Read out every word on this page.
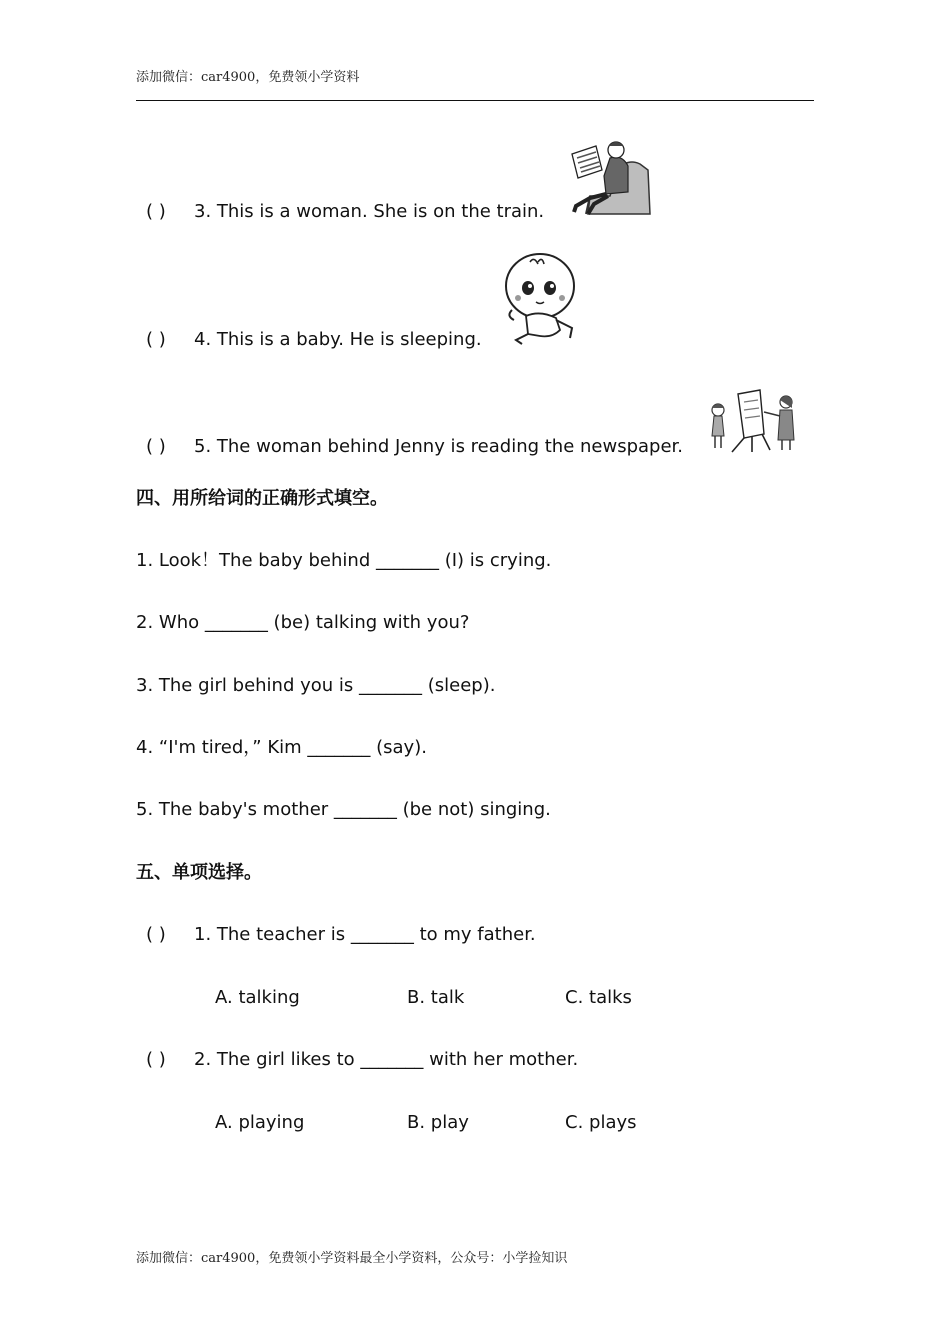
添加微信：car4900，免费领小学资料
( ) 3. This is a woman. She is on the train.
( ) 4. This is a baby. He is sleeping.
( ) 5. The woman behind Jenny is reading the newspaper.
四、用所给词的正确形式填空。
1. Look！The baby behind _______ (I) is crying.
2. Who _______ (be) talking with you?
3. The girl behind you is _______ (sleep).
4. “I'm tired，” Kim _______ (say).
5. The baby's mother _______ (be not) singing.
五、单项选择。
( ) 1. The teacher is _______ to my father.
A. talking	B. talk	C. talks
( ) 2. The girl likes to _______ with her mother.
A. playing	B. play	C. plays
添加微信：car4900，免费领小学资料最全小学资料，公众号：小学捡知识
